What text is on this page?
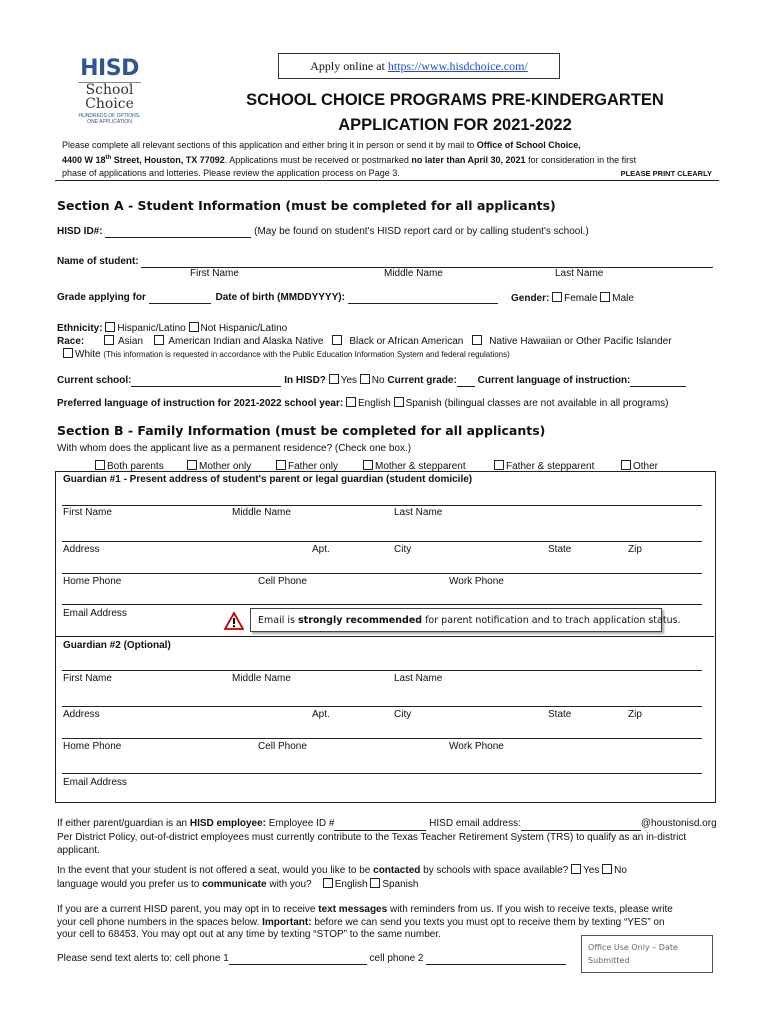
HISD
School
Choice
HUNDREDS OF OPTIONS.
ONE APPLICATION
Apply online at https://www.hisdchoice.com/
SCHOOL CHOICE PROGRAMS PRE-KINDERGARTEN
APPLICATION FOR 2021-2022
Please complete all relevant sections of this application and either bring it in person or send it by mail to Office of School Choice,
4400 W 18th Street, Houston, TX 77092. Applications must be received or postmarked no later than April 30, 2021 for consideration in the first
phase of applications and lotteries. Please review the application process on Page 3.	PLEASE PRINT CLEARLY
Section A - Student Information (must be completed for all applicants)
HISD ID#:	(May be found on student's HISD report card or by calling student's school.)
Name of student:
First Name	Middle Name	Last Name
Grade applying for	Date of birth (MMDDYYYY):	Gender: Female Male
Ethnicity: Hispanic/Latino Not Hispanic/Latino
Race:	Asian	American Indian and Alaska Native	Black or African American	Native Hawaiian or Other Pacific Islander
White (This information is requested in accordance with the Public Education Information System and federal regulations)
Current school:	In HISD? Yes No Current grade: Current language of instruction:
Preferred language of instruction for 2021-2022 school year: English Spanish (bilingual classes are not available in all programs)
Section B - Family Information (must be completed for all applicants)
With whom does the applicant live as a permanent residence? (Check one box.)
Both parents	Mother only	Father only	Mother & stepparent	Father & stepparent	Other
Guardian #1 - Present address of student's parent or legal guardian (student domicile)
First Name	Middle Name	Last Name
Address	Apt.	City	State	Zip
Home Phone	Cell Phone	Work Phone
Email Address
Email is strongly recommended for parent notification and to trach application status.
Guardian #2 (Optional)
First Name	Middle Name	Last Name
Address	Apt.	City	State	Zip
Home Phone	Cell Phone	Work Phone
Email Address
If either parent/guardian is an HISD employee: Employee ID #	HISD email address:	@houstonisd.org
Per District Policy, out-of-district employees must currently contribute to the Texas Teacher Retirement System (TRS) to qualify as an in-district
applicant.
In the event that your student is not offered a seat, would you like to be contacted by schools with space available? Yes No
language would you prefer us to communicate with you? English Spanish
If you are a current HISD parent, you may opt in to receive text messages with reminders from us. If you wish to receive texts, please write
your cell phone numbers in the spaces below. Important: before we can send you texts you must opt to receive them by texting “YES” on
your cell to 68453. You may opt out at any time by texting “STOP” to the same number.
Please send text alerts to: cell phone 1	cell phone 2
Office Use Only – Date
Submitted
